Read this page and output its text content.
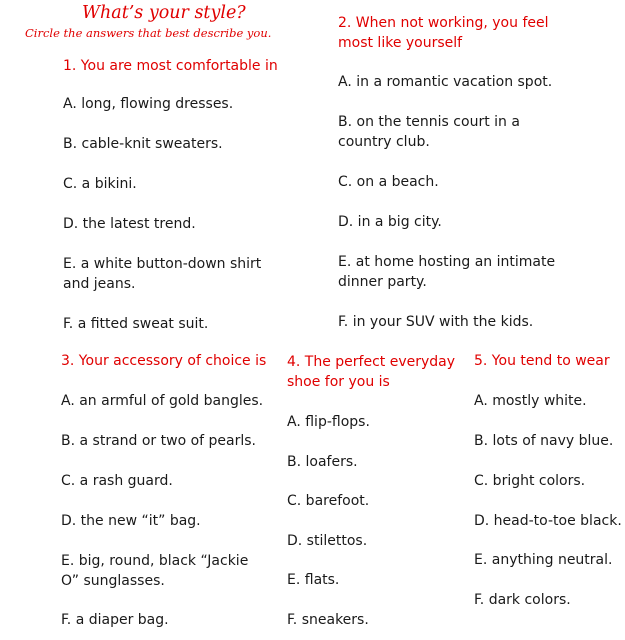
What’s your style?
Circle the answers that best describe you.
1. You are most comfortable in
A. long, flowing dresses.
B. cable-knit sweaters.
C. a bikini.
D. the latest trend.
E. a white button-down shirt and jeans.
F. a fitted sweat suit.
2. When not working, you feel most like yourself
A. in a romantic vacation spot.
B. on the tennis court in a country club.
C. on a beach.
D. in a big city.
E. at home hosting an intimate dinner party.
F. in your SUV with the kids.
3. Your accessory of choice is
A. an armful of gold bangles.
B. a strand or two of pearls.
C. a rash guard.
D. the new “it” bag.
E. big, round, black “Jackie O” sunglasses.
F. a diaper bag.
4. The perfect everyday shoe for you is
A. flip-flops.
B. loafers.
C. barefoot.
D. stilettos.
E. flats.
F. sneakers.
5. You tend to wear
A. mostly white.
B. lots of navy blue.
C. bright colors.
D. head-to-toe black.
E. anything neutral.
F. dark colors.
